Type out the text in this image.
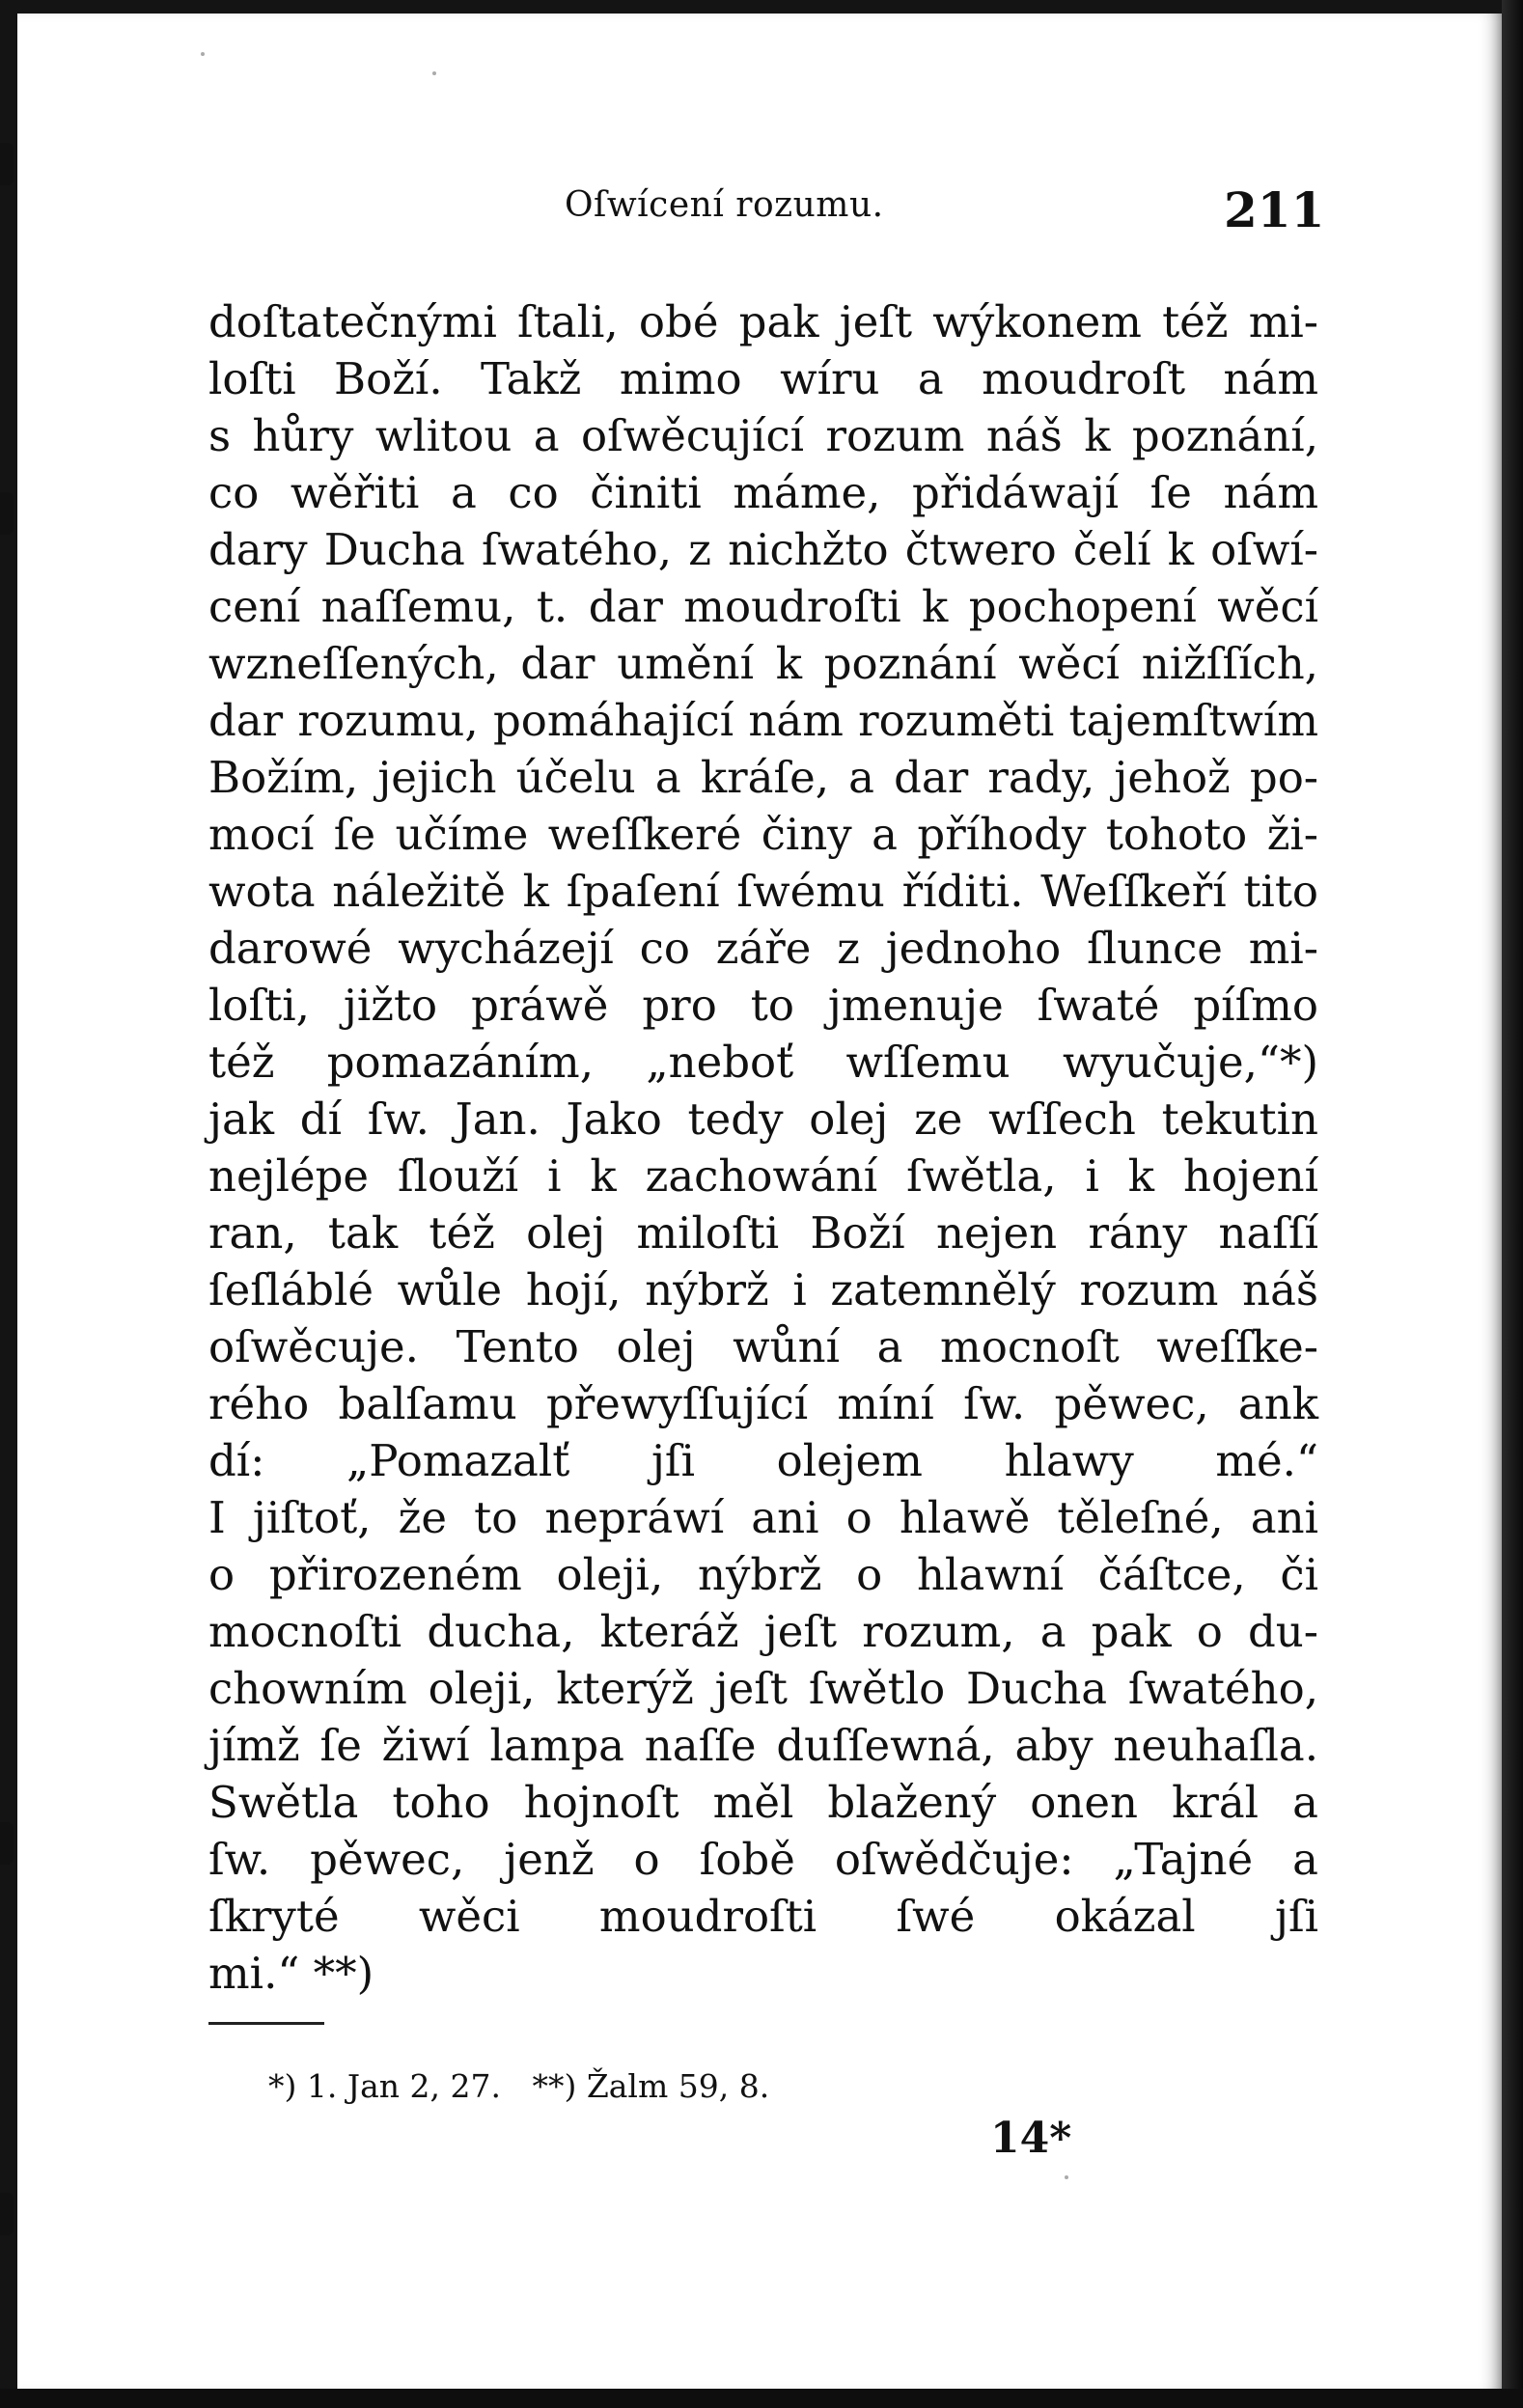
Oſwícení rozumu.	211
doſtatečnými ſtali, obé pak jeſt wýkonem též mi-
loſti Boží. Takž mimo wíru a moudroſt nám
s hůry wlitou a oſwěcující rozum náš k poznání,
co wěřiti a co činiti máme, přidáwají ſe nám
dary Ducha ſwatého, z nichžto čtwero čelí k oſwí-
cení naſſemu, t. dar moudroſti k pochopení wěcí
wzneſſených, dar umění k poznání wěcí nižſſích,
dar rozumu, pomáhající nám rozuměti tajemſtwím
Božím, jejich účelu a kráſe, a dar rady, jehož po-
mocí ſe učíme weſſkeré činy a příhody tohoto ži-
wota náležitě k ſpaſení ſwému říditi. Weſſkeří tito
darowé wycházejí co záře z jednoho ſlunce mi-
loſti, jižto práwě pro to jmenuje ſwaté píſmo
též pomazáním, „neboť wſſemu wyučuje,“*)
jak dí ſw. Jan. Jako tedy olej ze wſſech tekutin
nejlépe ſlouží i k zachowání ſwětla, i k hojení
ran, tak též olej miloſti Boží nejen rány naſſí
ſeſláblé wůle hojí, nýbrž i zatemnělý rozum náš
oſwěcuje. Tento olej wůní a mocnoſt weſſke-
rého balſamu přewyſſující míní ſw. pěwec, ank
dí: „Pomazalť jſi olejem hlawy mé.“
I jiſtoť, že to nepráwí ani o hlawě těleſné, ani
o přirozeném oleji, nýbrž o hlawní čáſtce, či
mocnoſti ducha, kteráž jeſt rozum, a pak o du-
chowním oleji, kterýž jeſt ſwětlo Ducha ſwatého,
jímž ſe žiwí lampa naſſe duſſewná, aby neuhaſla.
Swětla toho hojnoſt měl blažený onen král a
ſw. pěwec, jenž o ſobě oſwědčuje: „Tajné a
ſkryté wěci moudroſti ſwé okázal jſi
mi.“ **)
*) 1. Jan 2, 27. **) Žalm 59, 8.
14*
